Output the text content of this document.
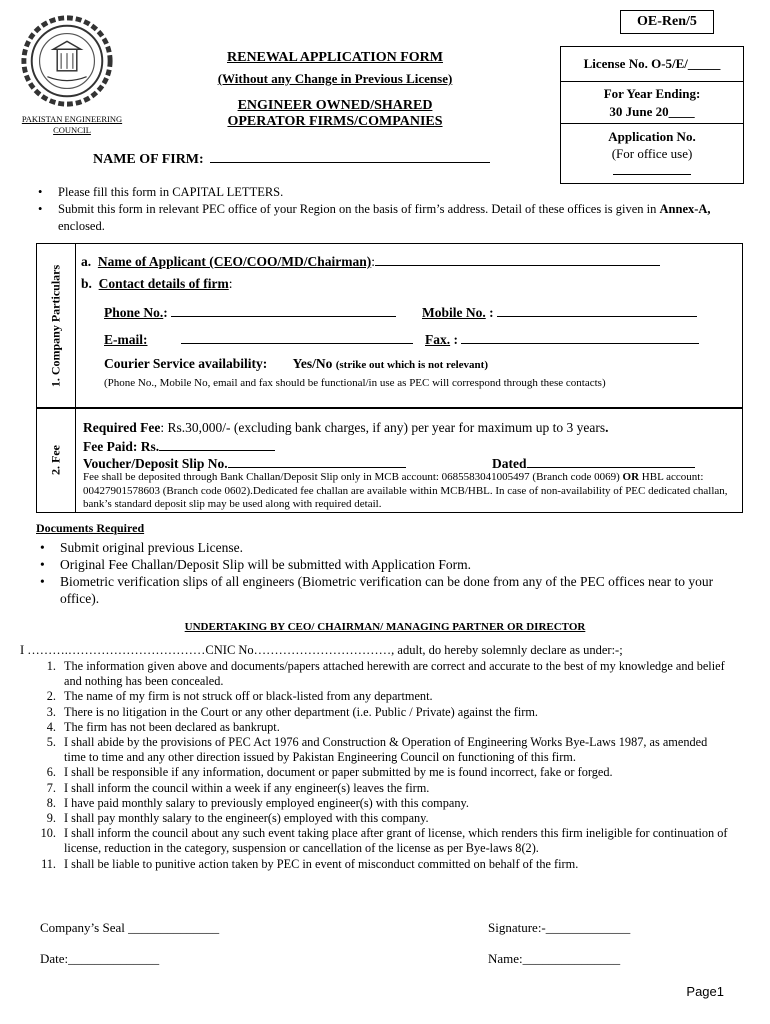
OE-Ren/5
PAKISTAN ENGINEERING COUNCIL
RENEWAL APPLICATION FORM
(Without any Change in Previous License)
ENGINEER OWNED/SHARED
OPERATOR FIRMS/COMPANIES
NAME OF FIRM:
License No. O-5/E/_____
For Year Ending:
30 June 20____
Application No.
(For office use)
• Please fill this form in CAPITAL LETTERS.
• Submit this form in relevant PEC office of your Region on the basis of firm’s address. Detail of these offices is given in Annex-A, enclosed.
1. Company Particulars
a. Name of Applicant (CEO/COO/MD/Chairman):
b. Contact details of firm:
Phone No.:	Mobile No. :
E-mail:	Fax. :
Courier Service availability: Yes/No (strike out which is not relevant)
(Phone No., Mobile No, email and fax should be functional/in use as PEC will correspond through these contacts)
2. Fee
Required Fee: Rs.30,000/- (excluding bank charges, if any) per year for maximum up to 3 years.
Fee Paid: Rs.
Voucher/Deposit Slip No.	Dated
Fee shall be deposited through Bank Challan/Deposit Slip only in MCB account: 0685583041005497 (Branch code 0069) OR HBL account: 00427901578603 (Branch code 0602).Dedicated fee challan are available within MCB/HBL. In case of non-availability of PEC dedicated challan, bank’s standard deposit slip may be used along with required detail.
Documents Required
• Submit original previous License.
• Original Fee Challan/Deposit Slip will be submitted with Application Form.
• Biometric verification slips of all engineers (Biometric verification can be done from any of the PEC offices near to your office).
UNDERTAKING BY CEO/ CHAIRMAN/ MANAGING PARTNER OR DIRECTOR
I ……….……………………………CNIC No……………………………, adult, do hereby solemnly declare as under:-;
1. The information given above and documents/papers attached herewith are correct and accurate to the best of my knowledge and belief and nothing has been concealed.
2. The name of my firm is not struck off or black-listed from any department.
3. There is no litigation in the Court or any other department (i.e. Public / Private) against the firm.
4. The firm has not been declared as bankrupt.
5. I shall abide by the provisions of PEC Act 1976 and Construction & Operation of Engineering Works Bye-Laws 1987, as amended time to time and any other direction issued by Pakistan Engineering Council on functioning of this firm.
6. I shall be responsible if any information, document or paper submitted by me is found incorrect, fake or forged.
7. I shall inform the council within a week if any engineer(s) leaves the firm.
8. I have paid monthly salary to previously employed engineer(s) with this company.
9. I shall pay monthly salary to the engineer(s) employed with this company.
10. I shall inform the council about any such event taking place after grant of license, which renders this firm ineligible for continuation of license, reduction in the category, suspension or cancellation of the license as per Bye-laws 8(2).
11. I shall be liable to punitive action taken by PEC in event of misconduct committed on behalf of the firm.
Company’s Seal ______________	Signature:-_____________
Date:______________	Name:_______________
Page1
